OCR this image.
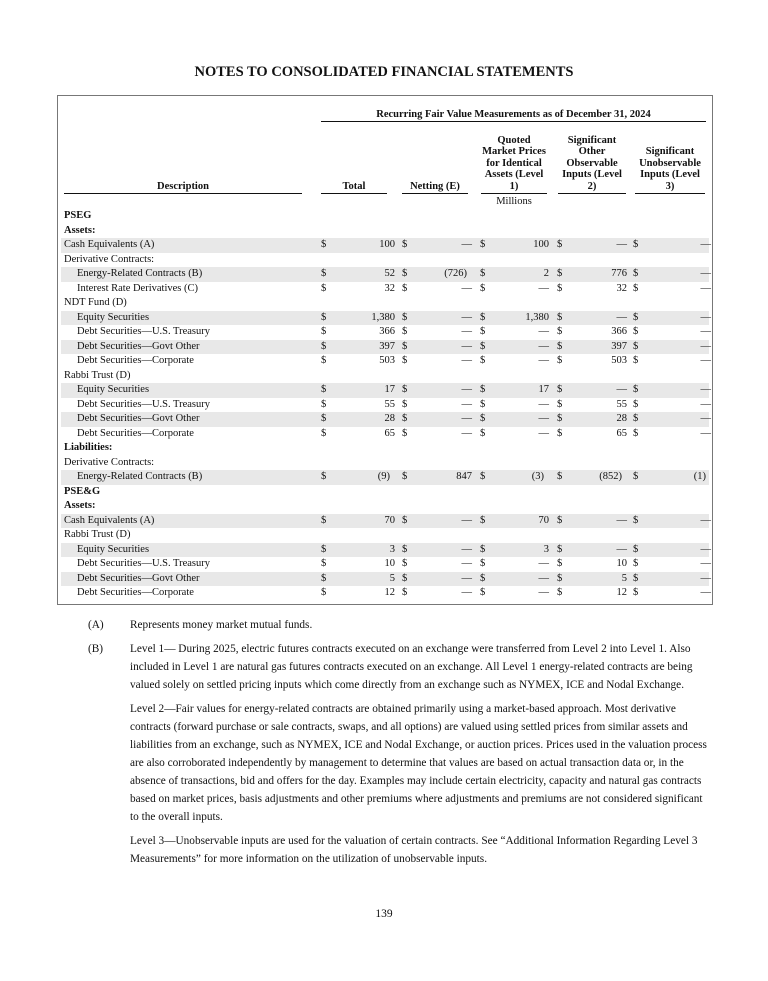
NOTES TO CONSOLIDATED FINANCIAL STATEMENTS
Recurring Fair Value Measurements as of December 31, 2024
Description	Total	Netting (E)
Quoted Market Prices for Identical Assets (Level 1)
Significant Other Observable Inputs (Level 2)
Significant Unobservable Inputs (Level 3)
Millions
PSEG
Assets:
Cash Equivalents (A)	$	100 $	— $	100 $	— $	—
Derivative Contracts:
Energy-Related Contracts (B)	$	52 $	(726) $	2 $	776 $	—
Interest Rate Derivatives (C)	$	32 $	— $	— $	32 $	—
NDT Fund (D)
Equity Securities	$	1,380 $	— $	1,380 $	— $	—
Debt Securities—U.S. Treasury	$	366 $	— $	— $	366 $	—
Debt Securities—Govt Other	$	397 $	— $	— $	397 $	—
Debt Securities—Corporate	$	503 $	— $	— $	503 $	—
Rabbi Trust (D)
Equity Securities	$	17 $	— $	17 $	— $	—
Debt Securities—U.S. Treasury	$	55 $	— $	— $	55 $	—
Debt Securities—Govt Other	$	28 $	— $	— $	28 $	—
Debt Securities—Corporate	$	65 $	— $	— $	65 $	—
Liabilities:
Derivative Contracts:
Energy-Related Contracts (B)	$	(9) $	847 $	(3) $	(852) $	(1)
PSE&G
Assets:
Cash Equivalents (A)	$	70 $	— $	70 $	— $	—
Rabbi Trust (D)
Equity Securities	$	3 $	— $	3 $	— $	—
Debt Securities—U.S. Treasury	$	10 $	— $	— $	10 $	—
Debt Securities—Govt Other	$	5 $	— $	— $	5 $	—
Debt Securities—Corporate	$	12 $	— $	— $	12 $	—
(A) Represents money market mutual funds.

(B) Level 1— During 2025, electric futures contracts executed on an exchange were transferred from Level 2 into Level 1. Also included in Level 1 are natural gas futures contracts executed on an exchange. All Level 1 energy-related contracts are being valued solely on settled pricing inputs which come directly from an exchange such as NYMEX, ICE and Nodal Exchange.

Level 2—Fair values for energy-related contracts are obtained primarily using a market-based approach. Most derivative contracts (forward purchase or sale contracts, swaps, and all options) are valued using settled prices from similar assets and liabilities from an exchange, such as NYMEX, ICE and Nodal Exchange, or auction prices. Prices used in the valuation process are also corroborated independently by management to determine that values are based on actual transaction data or, in the absence of transactions, bid and offers for the day. Examples may include certain electricity, capacity and natural gas contracts based on market prices, basis adjustments and other premiums where adjustments and premiums are not considered significant to the overall inputs.

Level 3—Unobservable inputs are used for the valuation of certain contracts. See “Additional Information Regarding Level 3 Measurements” for more information on the utilization of unobservable inputs.

139
